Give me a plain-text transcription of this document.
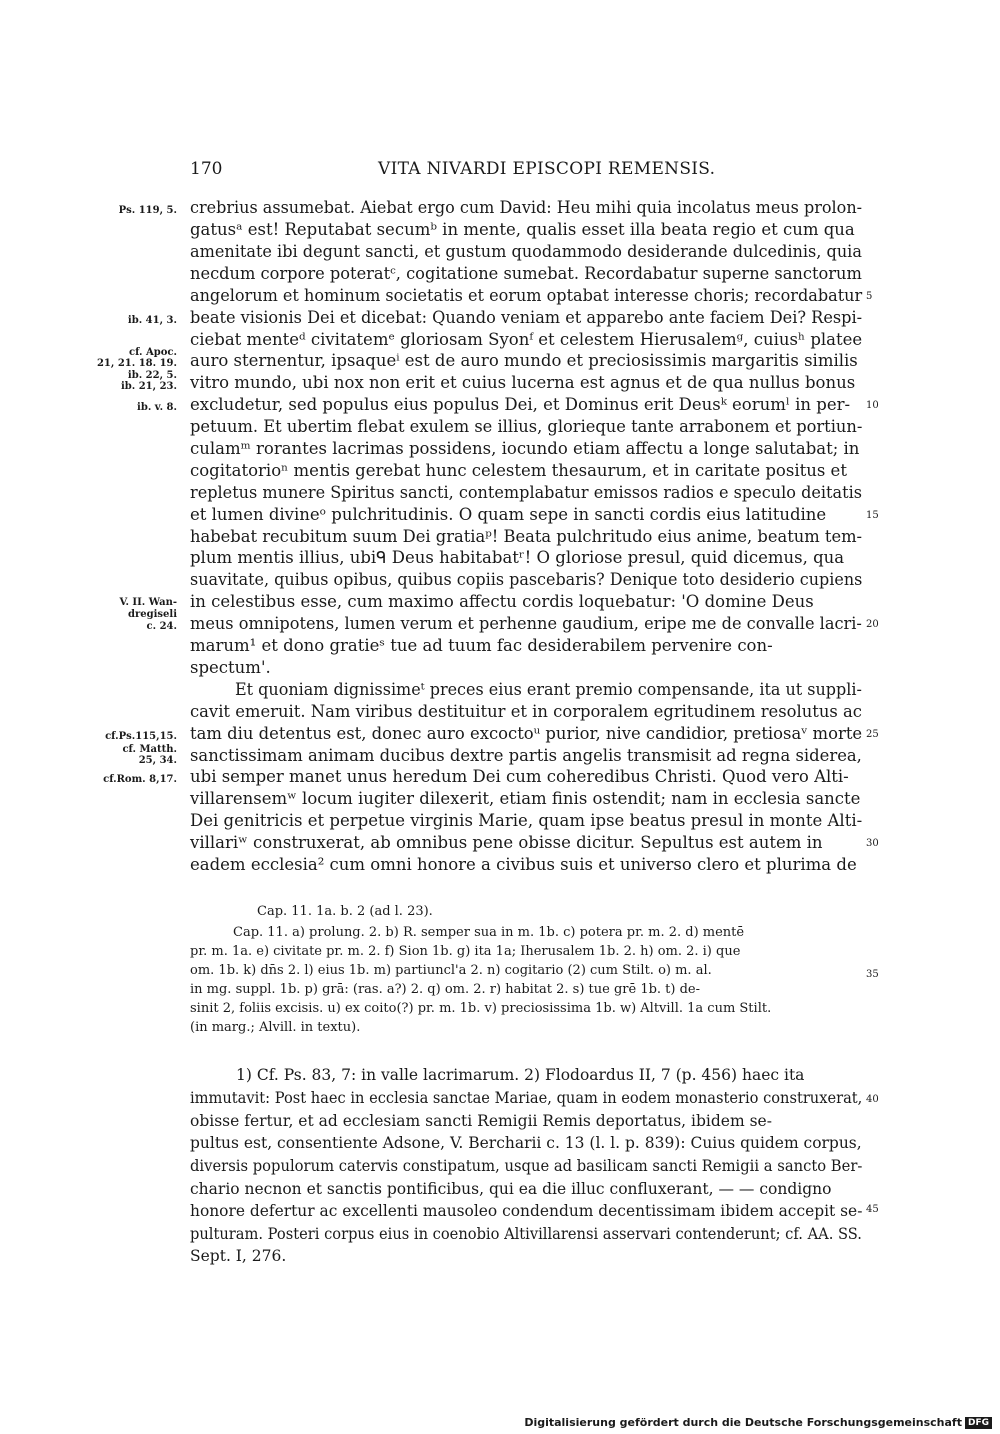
170	VITA NIVARDI EPISCOPI REMENSIS.
crebrius assumebat. Aiebat ergo cum David: Heu mihi quia incolatus meus prolon-
gatusᵃ est! Reputabat secumᵇ in mente, qualis esset illa beata regio et cum qua
amenitate ibi degunt sancti, et gustum quodammodo desiderande dulcedinis, quia
necdum corpore poteratᶜ, cogitatione sumebat. Recordabatur superne sanctorum
angelorum et hominum societatis et eorum optabat interesse choris; recordabatur
beate visionis Dei et dicebat: Quando veniam et apparebo ante faciem Dei? Respi-
ciebat menteᵈ civitatemᵉ gloriosam Syonᶠ et celestem Hierusalemᵍ, cuiusʰ platee
auro sternentur, ipsaqueⁱ est de auro mundo et preciosissimis margaritis similis
vitro mundo, ubi nox non erit et cuius lucerna est agnus et de qua nullus bonus
excludetur, sed populus eius populus Dei, et Dominus erit Deusᵏ eorumˡ in per-
petuum. Et ubertim flebat exulem se illius, glorieque tante arrabonem et portiun-
culamᵐ rorantes lacrimas possidens, iocundo etiam affectu a longe salutabat; in
cogitatorioⁿ mentis gerebat hunc celestem thesaurum, et in caritate positus et
repletus munere Spiritus sancti, contemplabatur emissos radios e speculo deitatis
et lumen divineᵒ pulchritudinis. O quam sepe in sancti cordis eius latitudine
habebat recubitum suum Dei gratiaᵖ! Beata pulchritudo eius anime, beatum tem-
plum mentis illius, ubiᑫ Deus habitabatʳ! O gloriose presul, quid dicemus, qua
suavitate, quibus opibus, quibus copiis pascebaris? Denique toto desiderio cupiens
in celestibus esse, cum maximo affectu cordis loquebatur: 'O domine Deus
meus omnipotens, lumen verum et perhenne gaudium, eripe me de convalle lacri-
marum¹ et dono gratieˢ tue ad tuum fac desiderabilem pervenire con-
spectum'.
Et quoniam dignissimeᵗ preces eius erant premio compensande, ita ut suppli-
cavit emeruit. Nam viribus destituitur et in corporalem egritudinem resolutus ac
tam diu detentus est, donec auro excoctoᵘ purior, nive candidior, pretiosaᵛ morte
sanctissimam animam ducibus dextre partis angelis transmisit ad regna siderea,
ubi semper manet unus heredum Dei cum coheredibus Christi. Quod vero Alti-
villarensemʷ locum iugiter dilexerit, etiam finis ostendit; nam in ecclesia sancte
Dei genitricis et perpetue virginis Marie, quam ipse beatus presul in monte Alti-
villariʷ construxerat, ab omnibus pene obisse dicitur. Sepultus est autem in
eadem ecclesia² cum omni honore a civibus suis et universo clero et plurima de
Ps. 119, 5.
ib. 41, 3.
cf. Apoc.
21, 21. 18. 19.
ib. 22, 5.
ib. 21, 23.
ib. v. 8.
V. II. Wan-
dregiseli
c. 24.
cf.Ps.115,15.
cf. Matth.
25, 34.
cf.Rom. 8,17.
5
10
15
20
25
30
35
40
45
Cap. 11. 1a. b. 2 (ad l. 23).
Cap. 11. a) prolung. 2. b) R. semper sua in m. 1b. c) potera pr. m. 2. d) mentē
pr. m. 1a. e) civitate pr. m. 2. f) Sion 1b. g) ita 1a; Iherusalem 1b. 2. h) om. 2. i) que
om. 1b. k) dn̄s 2. l) eius 1b. m) partiuncl'a 2. n) cogitario (2) cum Stilt. o) m. al.
in mg. suppl. 1b. p) grā: (ras. a?) 2. q) om. 2. r) habitat 2. s) tue grē 1b. t) de-
sinit 2, foliis excisis. u) ex coito(?) pr. m. 1b. v) preciosissima 1b. w) Altvill. 1a cum Stilt.
(in marg.; Alvill. in textu).
1) Cf. Ps. 83, 7: in valle lacrimarum. 2) Flodoardus II, 7 (p. 456) haec ita
immutavit: Post haec in ecclesia sanctae Mariae, quam in eodem monasterio construxerat,
obisse fertur, et ad ecclesiam sancti Remigii Remis deportatus, ibidem se-
pultus est, consentiente Adsone, V. Bercharii c. 13 (l. l. p. 839): Cuius quidem corpus,
diversis populorum catervis constipatum, usque ad basilicam sancti Remigii a sancto Ber-
chario necnon et sanctis pontificibus, qui ea die illuc confluxerant, — — condigno
honore defertur ac excellenti mausoleo condendum decentissimam ibidem accepit se-
pulturam. Posteri corpus eius in coenobio Altivillarensi asservari contenderunt; cf. AA. SS.
Sept. I, 276.
Digitalisierung gefördert durch die Deutsche Forschungsgemeinschaft DFG
